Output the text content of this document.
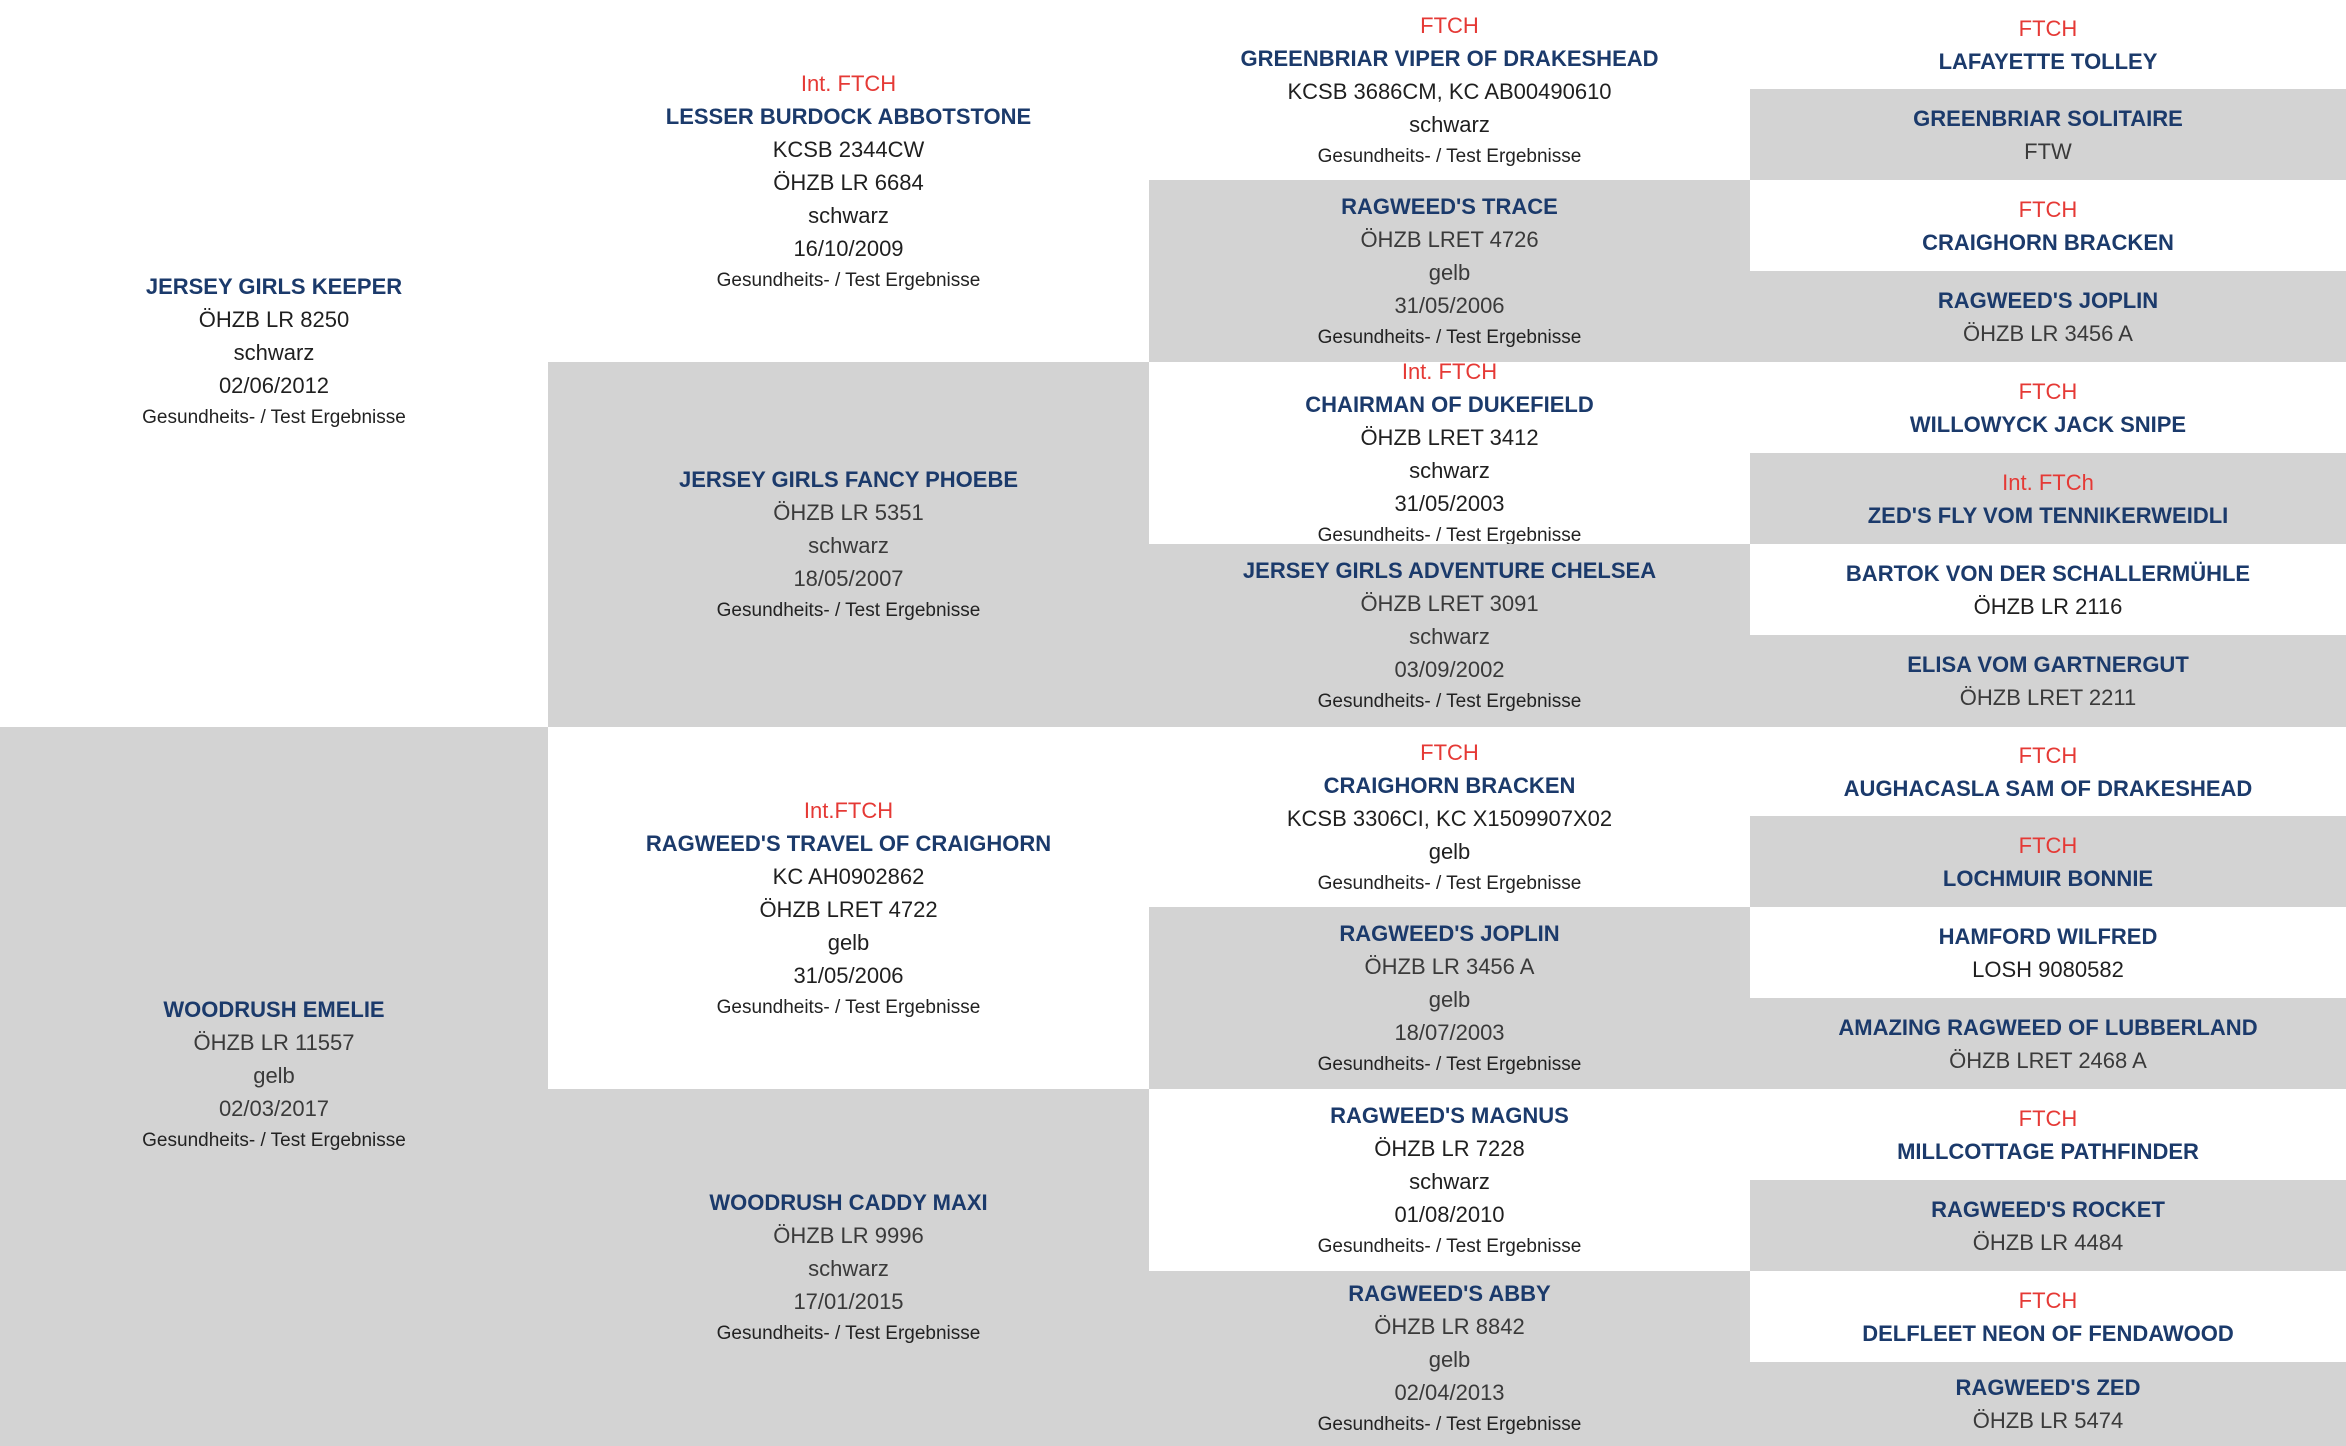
JERSEY GIRLS KEEPER
ÖHZB LR 8250
schwarz
02/06/2012
Gesundheits- / Test Ergebnisse
WOODRUSH EMELIE
ÖHZB LR 11557
gelb
02/03/2017
Gesundheits- / Test Ergebnisse
Int. FTCH
LESSER BURDOCK ABBOTSTONE
KCSB 2344CW
ÖHZB LR 6684
schwarz
16/10/2009
Gesundheits- / Test Ergebnisse
JERSEY GIRLS FANCY PHOEBE
ÖHZB LR 5351
schwarz
18/05/2007
Gesundheits- / Test Ergebnisse
Int.FTCH
RAGWEED'S TRAVEL OF CRAIGHORN
KC AH0902862
ÖHZB LRET 4722
gelb
31/05/2006
Gesundheits- / Test Ergebnisse
WOODRUSH CADDY MAXI
ÖHZB LR 9996
schwarz
17/01/2015
Gesundheits- / Test Ergebnisse
FTCH
GREENBRIAR VIPER OF DRAKESHEAD
KCSB 3686CM, KC AB00490610
schwarz
Gesundheits- / Test Ergebnisse
RAGWEED'S TRACE
ÖHZB LRET 4726
gelb
31/05/2006
Gesundheits- / Test Ergebnisse
Int. FTCH
CHAIRMAN OF DUKEFIELD
ÖHZB LRET 3412
schwarz
31/05/2003
Gesundheits- / Test Ergebnisse
JERSEY GIRLS ADVENTURE CHELSEA
ÖHZB LRET 3091
schwarz
03/09/2002
Gesundheits- / Test Ergebnisse
FTCH
CRAIGHORN BRACKEN
KCSB 3306CI, KC X1509907X02
gelb
Gesundheits- / Test Ergebnisse
RAGWEED'S JOPLIN
ÖHZB LR 3456 A
gelb
18/07/2003
Gesundheits- / Test Ergebnisse
RAGWEED'S MAGNUS
ÖHZB LR 7228
schwarz
01/08/2010
Gesundheits- / Test Ergebnisse
RAGWEED'S ABBY
ÖHZB LR 8842
gelb
02/04/2013
Gesundheits- / Test Ergebnisse
FTCH
LAFAYETTE TOLLEY
GREENBRIAR SOLITAIRE
FTW
FTCH
CRAIGHORN BRACKEN
RAGWEED'S JOPLIN
ÖHZB LR 3456 A
FTCH
WILLOWYCK JACK SNIPE
Int. FTCh
ZED'S FLY VOM TENNIKERWEIDLI
BARTOK VON DER SCHALLERMÜHLE
ÖHZB LR 2116
ELISA VOM GARTNERGUT
ÖHZB LRET 2211
FTCH
AUGHACASLA SAM OF DRAKESHEAD
FTCH
LOCHMUIR BONNIE
HAMFORD WILFRED
LOSH 9080582
AMAZING RAGWEED OF LUBBERLAND
ÖHZB LRET 2468 A
FTCH
MILLCOTTAGE PATHFINDER
RAGWEED'S ROCKET
ÖHZB LR 4484
FTCH
DELFLEET NEON OF FENDAWOOD
RAGWEED'S ZED
ÖHZB LR 5474
